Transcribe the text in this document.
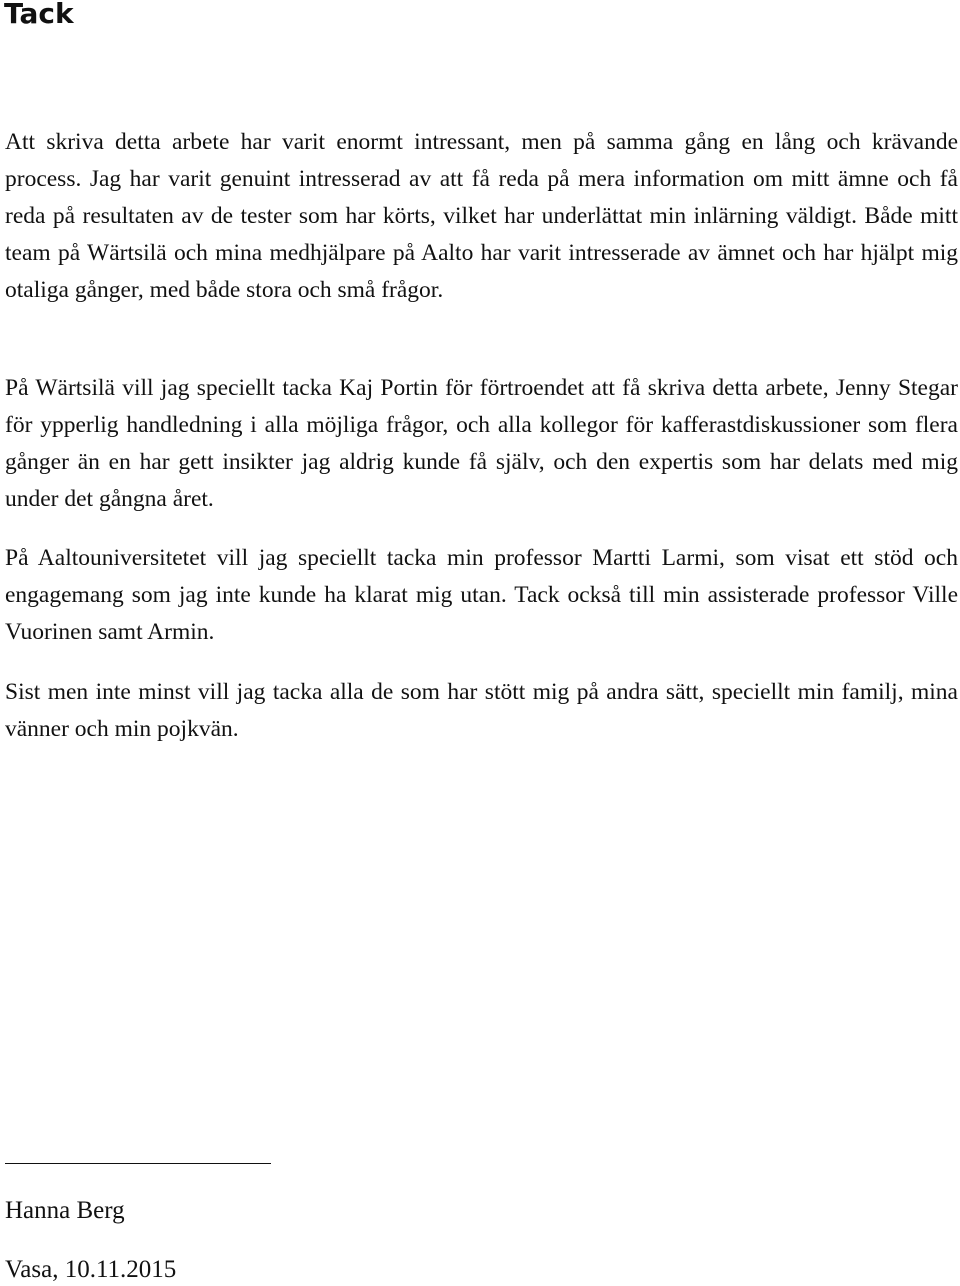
Tack

Att skriva detta arbete har varit enormt intressant, men på samma gång en lång och krävande process. Jag har varit genuint intresserad av att få reda på mera information om mitt ämne och få reda på resultaten av de tester som har körts, vilket har underlättat min inlärning väldigt. Både mitt team på Wärtsilä och mina medhjälpare på Aalto har varit intresserade av ämnet och har hjälpt mig otaliga gånger, med både stora och små frågor.

På Wärtsilä vill jag speciellt tacka Kaj Portin för förtroendet att få skriva detta arbete, Jenny Stegar för ypperlig handledning i alla möjliga frågor, och alla kollegor för kafferastdiskussioner som flera gånger än en har gett insikter jag aldrig kunde få själv, och den expertis som har delats med mig under det gångna året.

På Aaltouniversitetet vill jag speciellt tacka min professor Martti Larmi, som visat ett stöd och engagemang som jag inte kunde ha klarat mig utan. Tack också till min assisterade professor Ville Vuorinen samt Armin.

Sist men inte minst vill jag tacka alla de som har stött mig på andra sätt, speciellt min familj, mina vänner och min pojkvän.

Hanna Berg

Vasa, 10.11.2015
